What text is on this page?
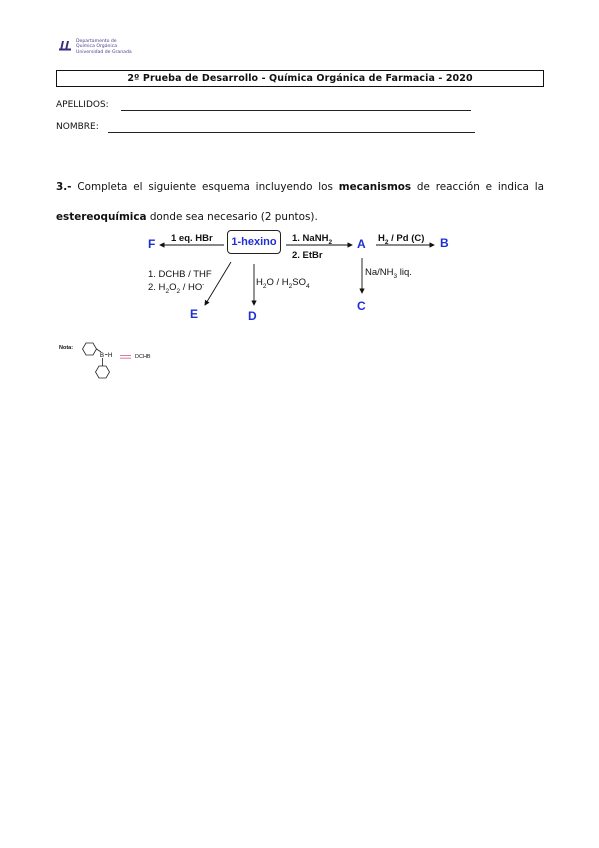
Departamento de
Química Orgánica
Universidad de Granada
2º Prueba de Desarrollo - Química Orgánica de Farmacia - 2020
APELLIDOS:
NOMBRE:
3.- Completa el siguiente esquema incluyendo los mecanismos de reacción e indica la estereoquímica donde sea necesario (2 puntos).
1-hexino
F	A	B
C
D
E
1 eq. HBr	1. NaNH$_2$
2. EtBr
$H_2$ / Pd (C)
$Na/NH_3$ liq.
$H_2O / H_2SO_4$
1. DCHB / THF
2. $H_2O_2 / HO^-$
Nota:
B H	DCHB
